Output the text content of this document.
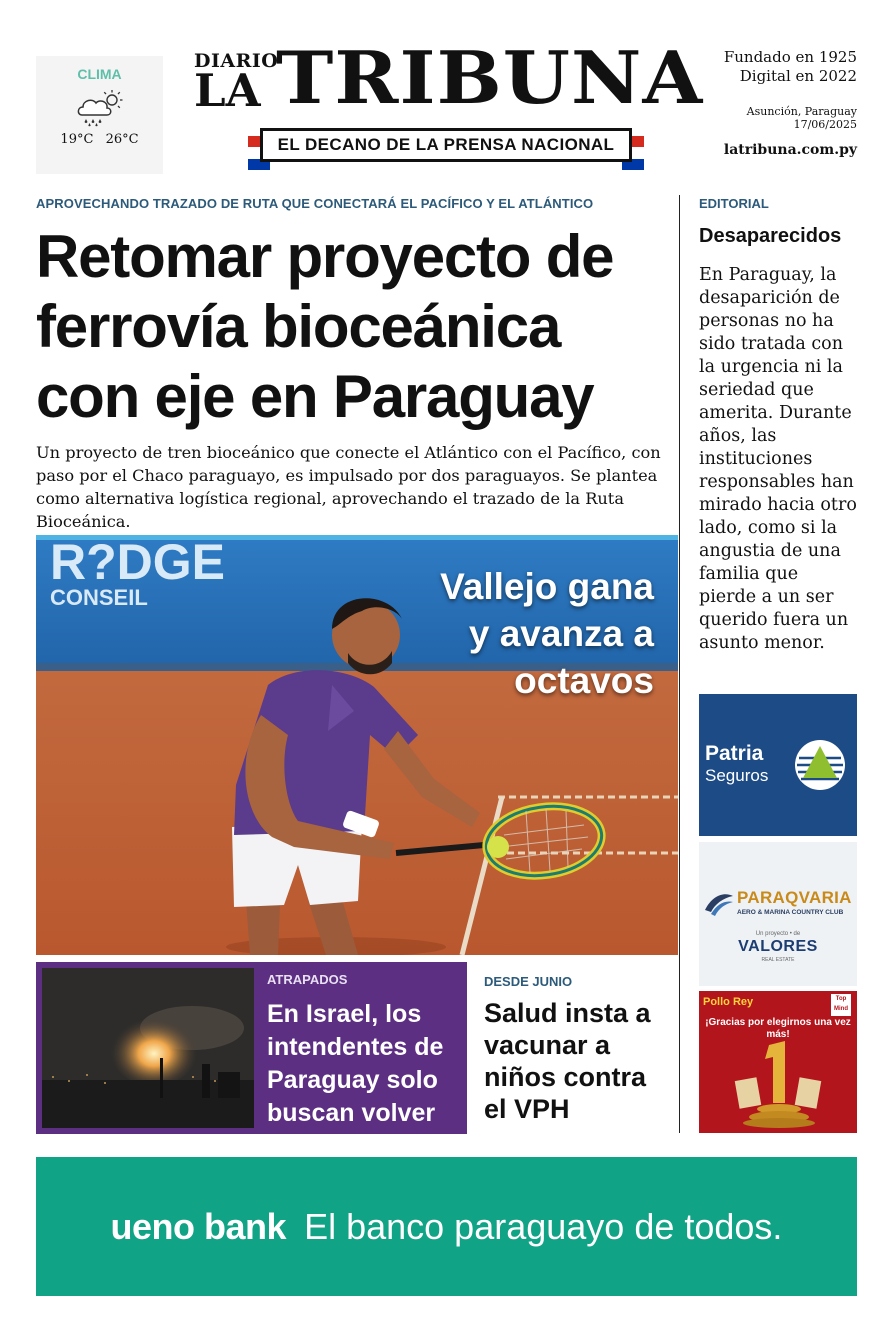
CLIMA
19°C 26°C
DIARIO
LA TRIBUNA
EL DECANO DE LA PRENSA NACIONAL
Fundado en 1925
Digital en 2022
Asunción, Paraguay
17/06/2025
latribuna.com.py
APROVECHANDO TRAZADO DE RUTA QUE CONECTARÁ EL PACÍFICO Y EL ATLÁNTICO
Retomar proyecto de ferrovía bioceánica con eje en Paraguay

Un proyecto de tren bioceánico que conecte el Atlántico con el Pacífico, con paso por el Chaco paraguayo, es impulsado por dos paraguayos. Se plantea como alternativa logística regional, aprovechando el trazado de la Ruta Bioceánica.

R?DGE
CONSEIL	Vallejo gana
y avanza a
octavos
ATRAPADOS
En Israel, los intendentes de Paraguay solo buscan volver
DESDE JUNIO
Salud insta a vacunar a niños contra el VPH
EDITORIAL
Desaparecidos

En Paraguay, la desaparición de personas no ha sido tratada con la urgencia ni la seriedad que amerita. Durante años, las instituciones responsables han mirado hacia otro lado, como si la angustia de una familia que pierde a un ser querido fuera un asunto menor.

Patria
Seguros
PARAQVARIA
AERO & MARINA COUNTRY CLUB
Un proyecto • de
VALORES
REAL ESTATE
Pollo Rey	Top Mind
¡Gracias por elegirnos una vez más!
ueno bank El banco paraguayo de todos.
